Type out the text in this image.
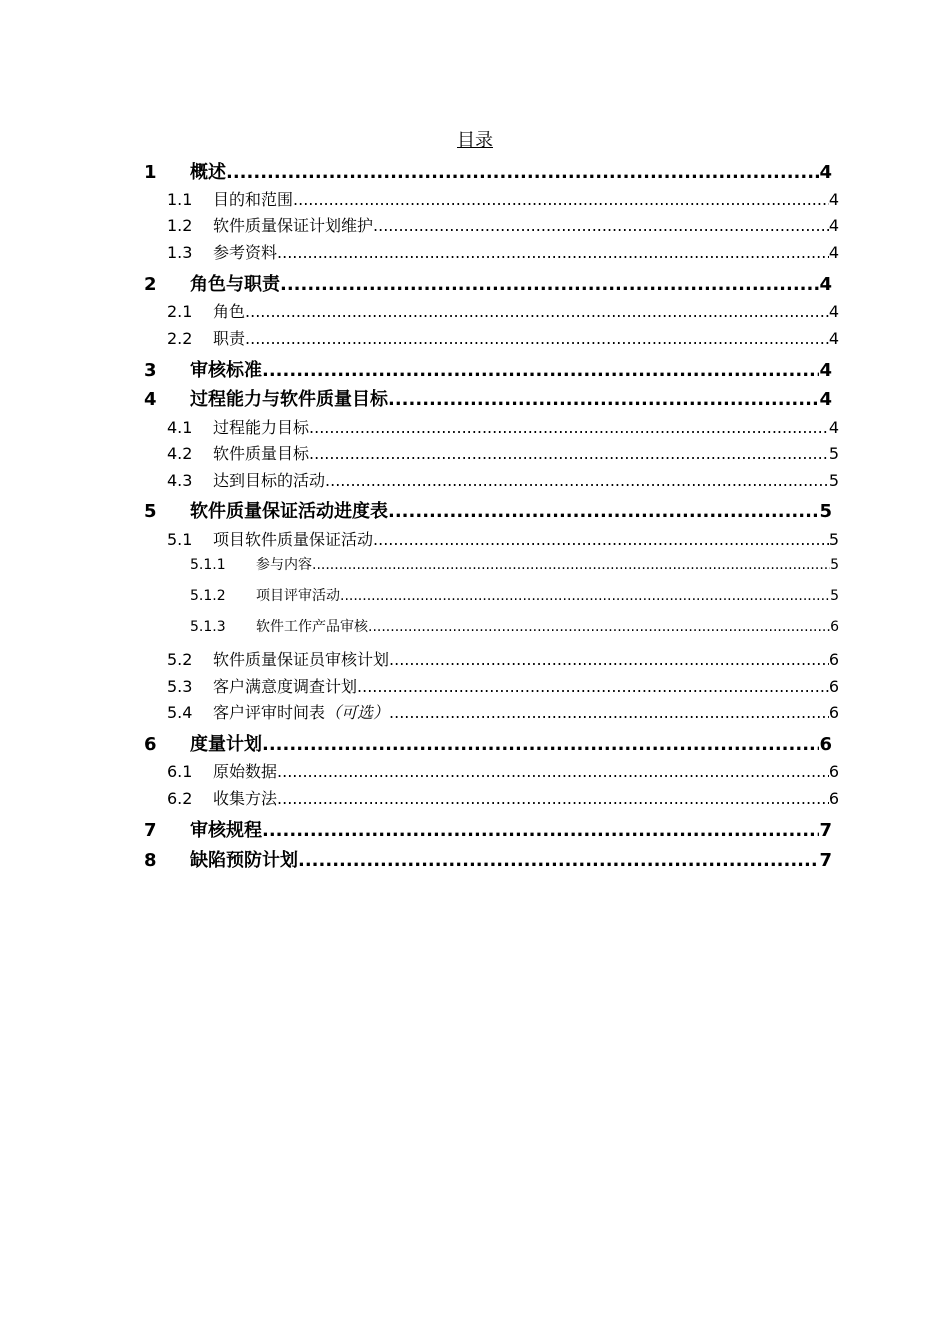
目录
1	概述 .....	4
1.1	目的和范围 .....	4
1.2	软件质量保证计划维护 .....	4
1.3	参考资料 .....	4
2	角色与职责 .....	4
2.1	角色 .....	4
2.2	职责 .....	4
3	审核标准 .....	4
4	过程能力与软件质量目标 .....	4
4.1	过程能力目标 .....	4
4.2	软件质量目标 .....	5
4.3	达到目标的活动 .....	5
5	软件质量保证活动进度表 .....	5
5.1	项目软件质量保证活动 .....	5
5.1.1	参与内容 .....	5
5.1.2	项目评审活动 .....	5
5.1.3	软件工作产品审核 .....	6
5.2	软件质量保证员审核计划 .....	6
5.3	客户满意度调查计划 .....	6
5.4	客户评审时间表 （可选） .....	6
6	度量计划 .....	6
6.1	原始数据 .....	6
6.2	收集方法 .....	6
7	审核规程 .....	7
8	缺陷预防计划 .....	7
